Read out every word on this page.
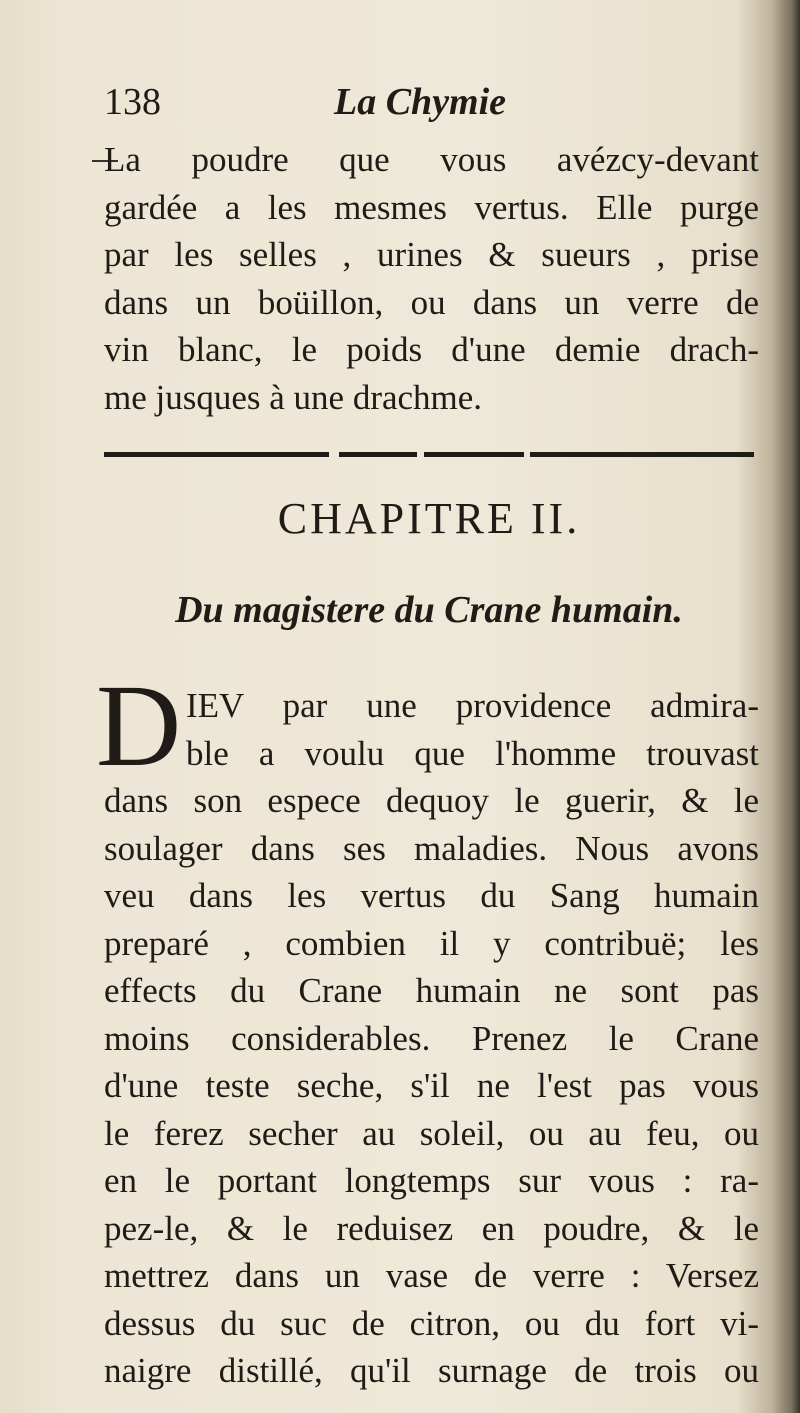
138	La Chymie
La poudre que vous avézcy-devant
gardée a les mesmes vertus. Elle purge
par les selles , urines & sueurs , prise
dans un boüillon, ou dans un verre de
vin blanc, le poids d'une demie drach-
me jusques à une drachme.
CHAPITRE II.
Du magistere du Crane humain.
D IEV par une providence admira-
ble a voulu que l'homme trouvast
dans son espece dequoy le guerir, & le
soulager dans ses maladies. Nous avons
veu dans les vertus du Sang humain
preparé , combien il y contribuë; les
effects du Crane humain ne sont pas
moins considerables. Prenez le Crane
d'une teste seche, s'il ne l'est pas vous
le ferez secher au soleil, ou au feu, ou
en le portant longtemps sur vous : ra-
pez-le, & le reduisez en poudre, & le
mettrez dans un vase de verre : Versez
dessus du suc de citron, ou du fort vi-
naigre distillé, qu'il surnage de trois ou
